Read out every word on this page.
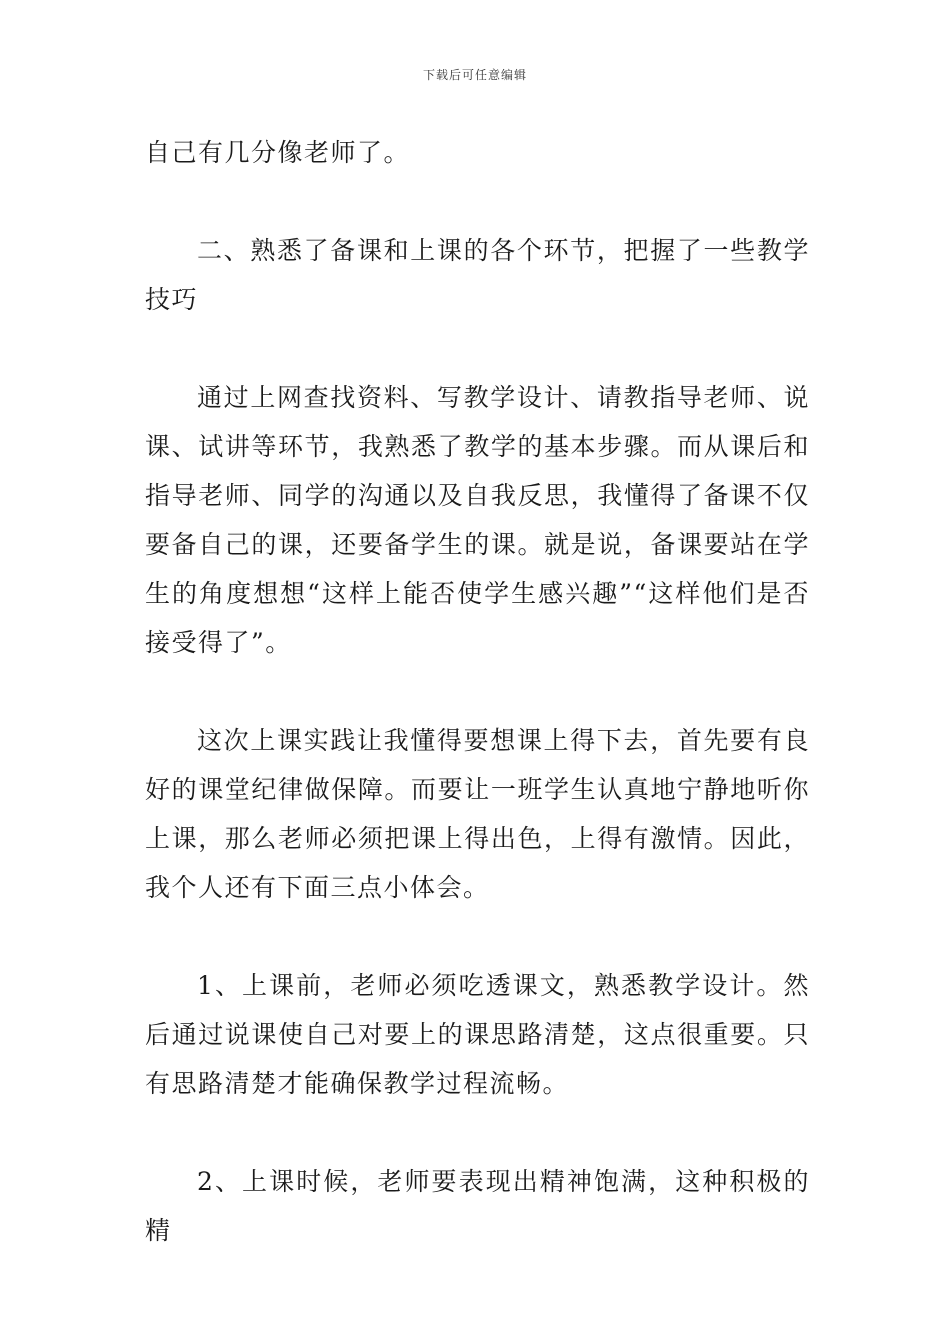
下载后可任意编辑

自己有几分像老师了。

二、熟悉了备课和上课的各个环节，把握了一些教学技巧

通过上网查找资料、写教学设计、请教指导老师、说课、试讲等环节，我熟悉了教学的基本步骤。而从课后和指导老师、同学的沟通以及自我反思，我懂得了备课不仅要备自己的课，还要备学生的课。就是说，备课要站在学生的角度想想“这样上能否使学生感兴趣”“这样他们是否接受得了”。

这次上课实践让我懂得要想课上得下去，首先要有良好的课堂纪律做保障。而要让一班学生认真地宁静地听你上课，那么老师必须把课上得出色，上得有激情。因此，我个人还有下面三点小体会。

1、上课前，老师必须吃透课文，熟悉教学设计。然后通过说课使自己对要上的课思路清楚，这点很重要。只有思路清楚才能确保教学过程流畅。

2、上课时候，老师要表现出精神饱满，这种积极的精
